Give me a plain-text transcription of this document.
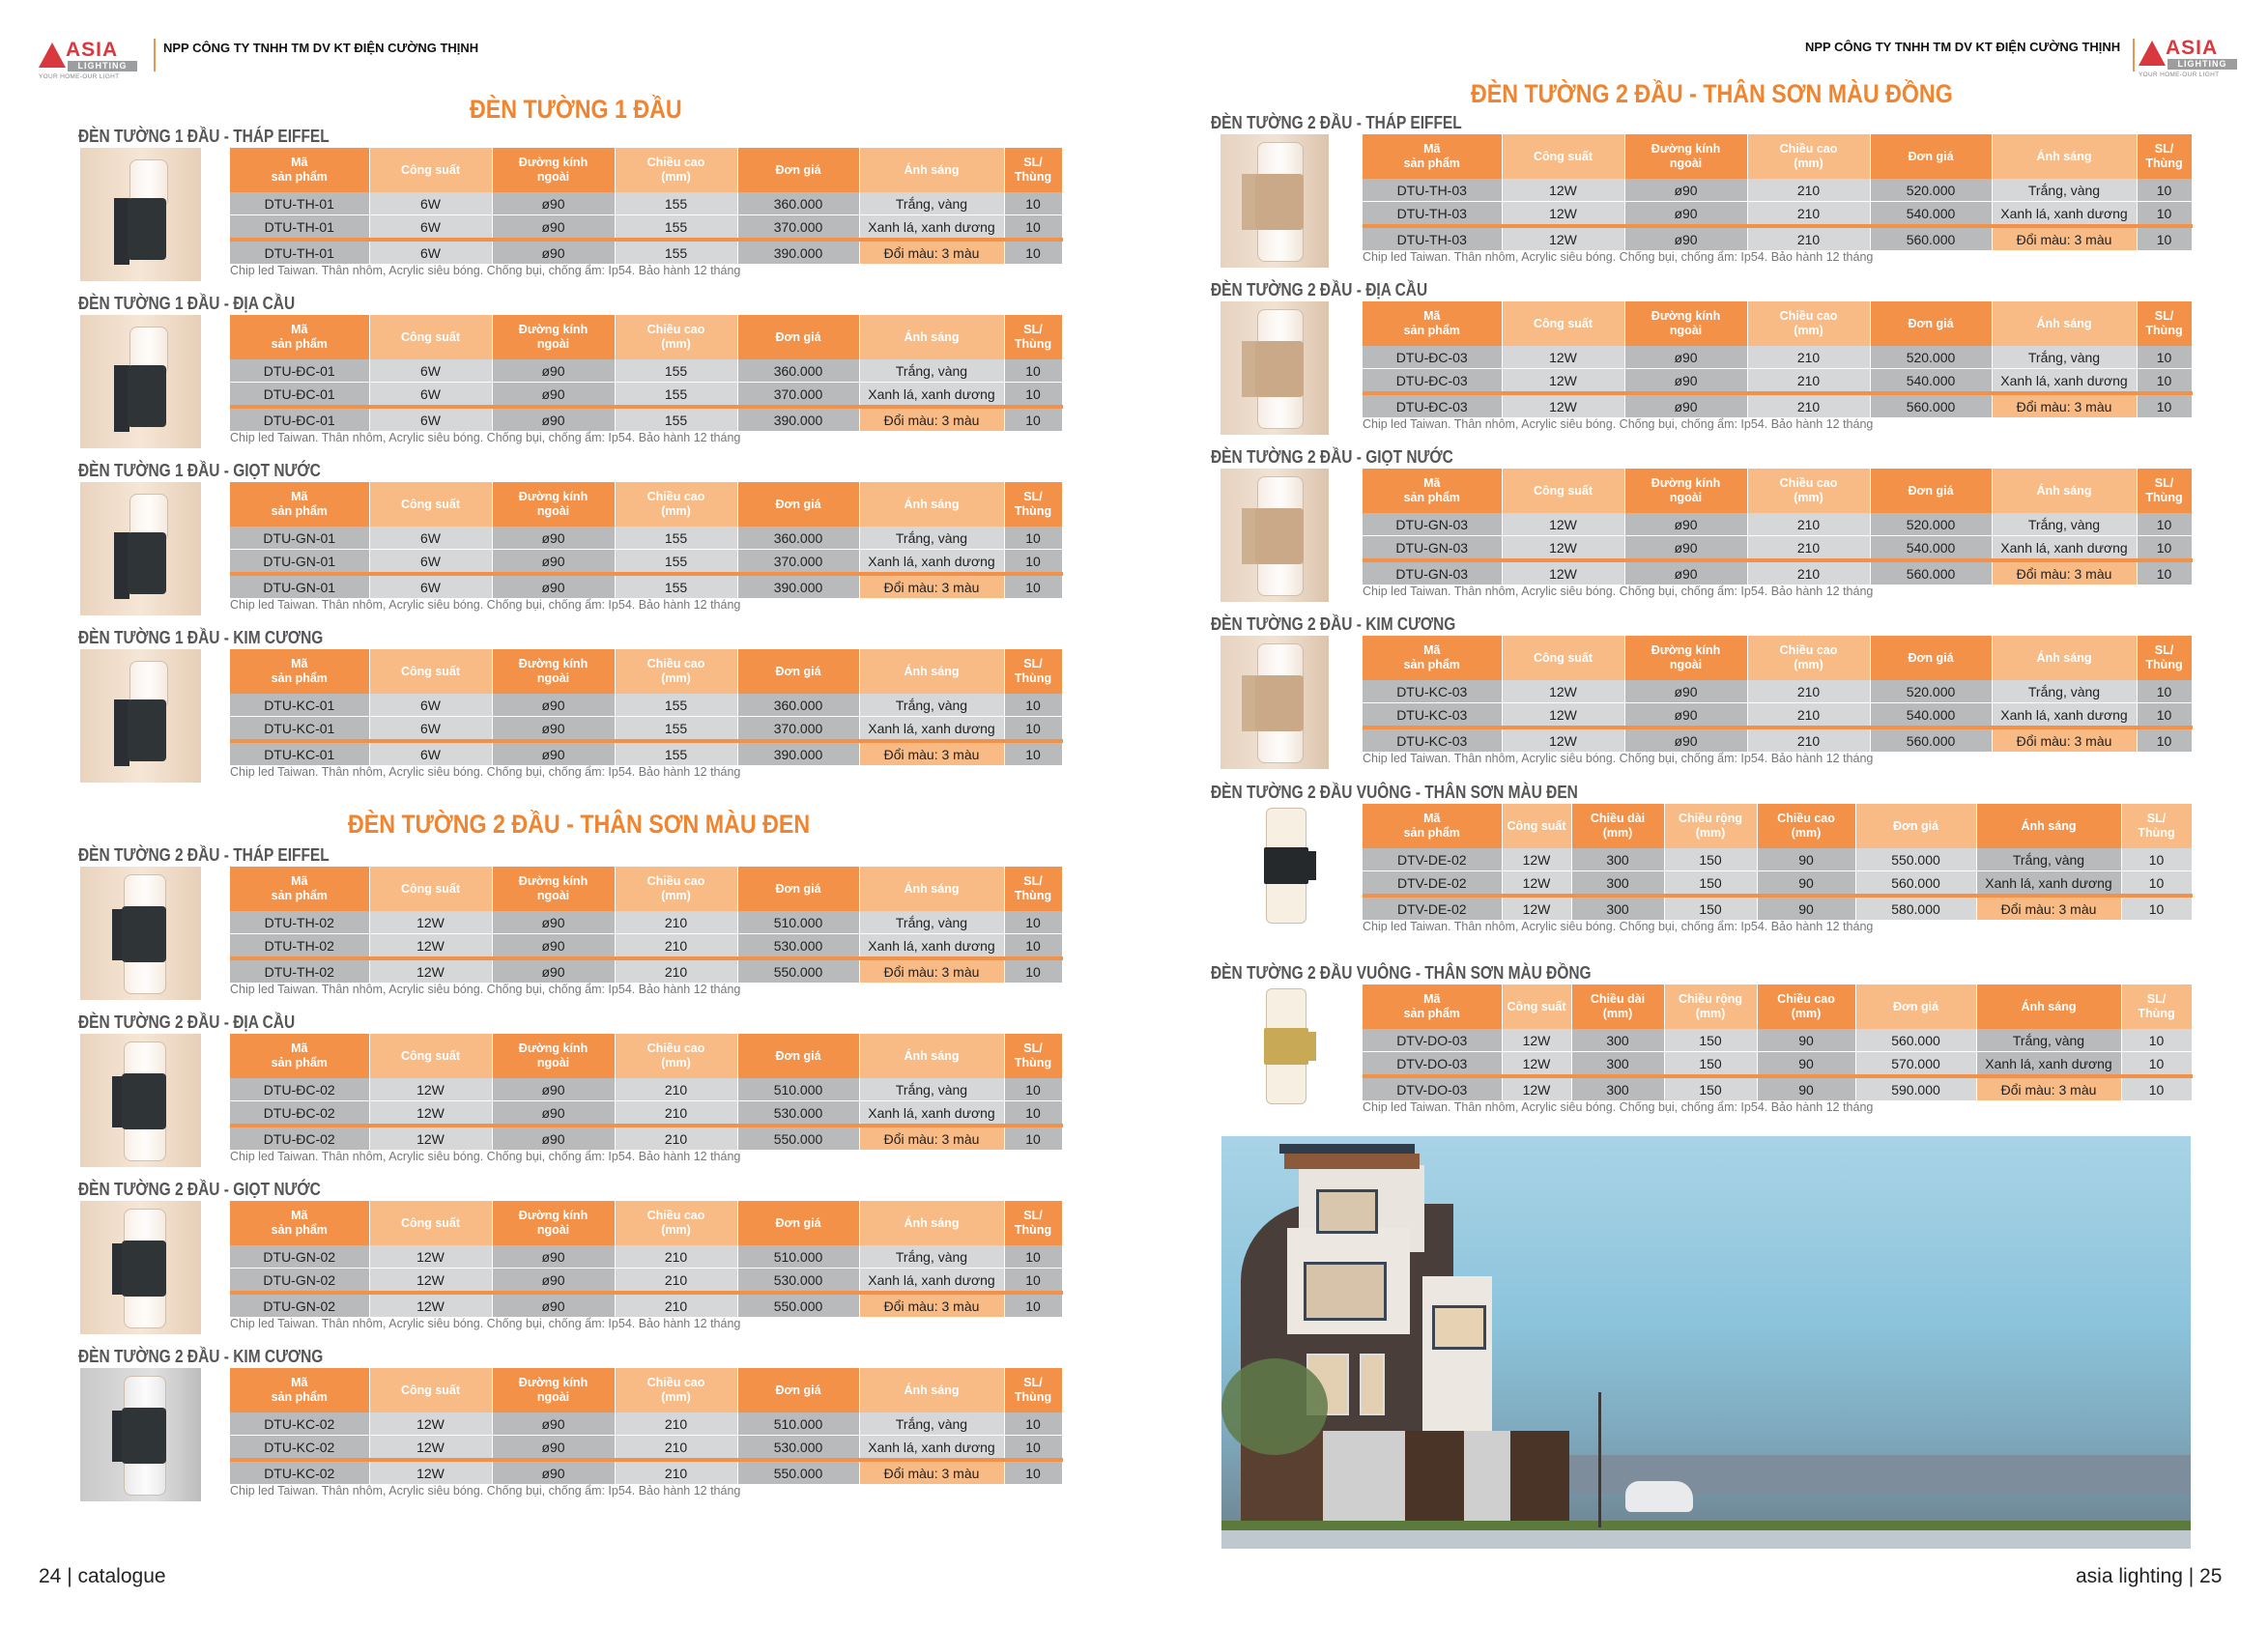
ASIA
LIGHTING
YOUR HOME-OUR LIGHT
NPP CÔNG TY TNHH TM DV KT ĐIỆN CƯỜNG THỊNH	NPP CÔNG TY TNHH TM DV KT ĐIỆN CƯỜNG THỊNH ASIA
LIGHTING
YOUR HOME-OUR LIGHT
ĐÈN TƯỜNG 1 ĐẦU
ĐÈN TƯỜNG 2 ĐẦU - THÂN SƠN MÀU ĐEN
ĐÈN TƯỜNG 1 ĐẦU - THÁP EIFFEL
Mã
sản phẩm	Công suất	Đường kính
ngoài	Chiều cao
(mm)	Đơn giá	Ánh sáng	SL/
Thùng
DTU-TH-01	6W	ø90	155	360.000	Trắng, vàng	10
DTU-TH-01	6W	ø90	155	370.000	Xanh lá, xanh dương	10
DTU-TH-01	6W	ø90	155	390.000	Đổi màu: 3 màu	10
Chip led Taiwan. Thân nhôm, Acrylic siêu bóng. Chống bụi, chống ẩm: Ip54. Bảo hành 12 tháng
ĐÈN TƯỜNG 1 ĐẦU - ĐỊA CẦU
Mã
sản phẩm	Công suất	Đường kính
ngoài	Chiều cao
(mm)	Đơn giá	Ánh sáng	SL/
Thùng
DTU-ĐC-01	6W	ø90	155	360.000	Trắng, vàng	10
DTU-ĐC-01	6W	ø90	155	370.000	Xanh lá, xanh dương	10
DTU-ĐC-01	6W	ø90	155	390.000	Đổi màu: 3 màu	10
Chip led Taiwan. Thân nhôm, Acrylic siêu bóng. Chống bụi, chống ẩm: Ip54. Bảo hành 12 tháng
ĐÈN TƯỜNG 1 ĐẦU - GIỌT NƯỚC
Mã
sản phẩm	Công suất	Đường kính
ngoài	Chiều cao
(mm)	Đơn giá	Ánh sáng	SL/
Thùng
DTU-GN-01	6W	ø90	155	360.000	Trắng, vàng	10
DTU-GN-01	6W	ø90	155	370.000	Xanh lá, xanh dương	10
DTU-GN-01	6W	ø90	155	390.000	Đổi màu: 3 màu	10
Chip led Taiwan. Thân nhôm, Acrylic siêu bóng. Chống bụi, chống ẩm: Ip54. Bảo hành 12 tháng
ĐÈN TƯỜNG 1 ĐẦU - KIM CƯƠNG
Mã
sản phẩm	Công suất	Đường kính
ngoài	Chiều cao
(mm)	Đơn giá	Ánh sáng	SL/
Thùng
DTU-KC-01	6W	ø90	155	360.000	Trắng, vàng	10
DTU-KC-01	6W	ø90	155	370.000	Xanh lá, xanh dương	10
DTU-KC-01	6W	ø90	155	390.000	Đổi màu: 3 màu	10
Chip led Taiwan. Thân nhôm, Acrylic siêu bóng. Chống bụi, chống ẩm: Ip54. Bảo hành 12 tháng
ĐÈN TƯỜNG 2 ĐẦU - THÁP EIFFEL
Mã
sản phẩm	Công suất	Đường kính
ngoài	Chiều cao
(mm)	Đơn giá	Ánh sáng	SL/
Thùng
DTU-TH-02	12W	ø90	210	510.000	Trắng, vàng	10
DTU-TH-02	12W	ø90	210	530.000	Xanh lá, xanh dương	10
DTU-TH-02	12W	ø90	210	550.000	Đổi màu: 3 màu	10
Chip led Taiwan. Thân nhôm, Acrylic siêu bóng. Chống bụi, chống ẩm: Ip54. Bảo hành 12 tháng
ĐÈN TƯỜNG 2 ĐẦU - ĐỊA CẦU
Mã
sản phẩm	Công suất	Đường kính
ngoài	Chiều cao
(mm)	Đơn giá	Ánh sáng	SL/
Thùng
DTU-ĐC-02	12W	ø90	210	510.000	Trắng, vàng	10
DTU-ĐC-02	12W	ø90	210	530.000	Xanh lá, xanh dương	10
DTU-ĐC-02	12W	ø90	210	550.000	Đổi màu: 3 màu	10
Chip led Taiwan. Thân nhôm, Acrylic siêu bóng. Chống bụi, chống ẩm: Ip54. Bảo hành 12 tháng
ĐÈN TƯỜNG 2 ĐẦU - GIỌT NƯỚC
Mã
sản phẩm	Công suất	Đường kính
ngoài	Chiều cao
(mm)	Đơn giá	Ánh sáng	SL/
Thùng
DTU-GN-02	12W	ø90	210	510.000	Trắng, vàng	10
DTU-GN-02	12W	ø90	210	530.000	Xanh lá, xanh dương	10
DTU-GN-02	12W	ø90	210	550.000	Đổi màu: 3 màu	10
Chip led Taiwan. Thân nhôm, Acrylic siêu bóng. Chống bụi, chống ẩm: Ip54. Bảo hành 12 tháng
ĐÈN TƯỜNG 2 ĐẦU - KIM CƯƠNG
Mã
sản phẩm	Công suất	Đường kính
ngoài	Chiều cao
(mm)	Đơn giá	Ánh sáng	SL/
Thùng
DTU-KC-02	12W	ø90	210	510.000	Trắng, vàng	10
DTU-KC-02	12W	ø90	210	530.000	Xanh lá, xanh dương	10
DTU-KC-02	12W	ø90	210	550.000	Đổi màu: 3 màu	10
Chip led Taiwan. Thân nhôm, Acrylic siêu bóng. Chống bụi, chống ẩm: Ip54. Bảo hành 12 tháng
ĐÈN TƯỜNG 2 ĐẦU - THÂN SƠN MÀU ĐỒNG
ĐÈN TƯỜNG 2 ĐẦU - THÁP EIFFEL
Mã
sản phẩm	Công suất	Đường kính
ngoài	Chiều cao
(mm)	Đơn giá	Ánh sáng	SL/
Thùng
DTU-TH-03	12W	ø90	210	520.000	Trắng, vàng	10
DTU-TH-03	12W	ø90	210	540.000	Xanh lá, xanh dương	10
DTU-TH-03	12W	ø90	210	560.000	Đổi màu: 3 màu	10
Chip led Taiwan. Thân nhôm, Acrylic siêu bóng. Chống bụi, chống ẩm: Ip54. Bảo hành 12 tháng
ĐÈN TƯỜNG 2 ĐẦU - ĐỊA CẦU
Mã
sản phẩm	Công suất	Đường kính
ngoài	Chiều cao
(mm)	Đơn giá	Ánh sáng	SL/
Thùng
DTU-ĐC-03	12W	ø90	210	520.000	Trắng, vàng	10
DTU-ĐC-03	12W	ø90	210	540.000	Xanh lá, xanh dương	10
DTU-ĐC-03	12W	ø90	210	560.000	Đổi màu: 3 màu	10
Chip led Taiwan. Thân nhôm, Acrylic siêu bóng. Chống bụi, chống ẩm: Ip54. Bảo hành 12 tháng
ĐÈN TƯỜNG 2 ĐẦU - GIỌT NƯỚC
Mã
sản phẩm	Công suất	Đường kính
ngoài	Chiều cao
(mm)	Đơn giá	Ánh sáng	SL/
Thùng
DTU-GN-03	12W	ø90	210	520.000	Trắng, vàng	10
DTU-GN-03	12W	ø90	210	540.000	Xanh lá, xanh dương	10
DTU-GN-03	12W	ø90	210	560.000	Đổi màu: 3 màu	10
Chip led Taiwan. Thân nhôm, Acrylic siêu bóng. Chống bụi, chống ẩm: Ip54. Bảo hành 12 tháng
ĐÈN TƯỜNG 2 ĐẦU - KIM CƯƠNG
Mã
sản phẩm	Công suất	Đường kính
ngoài	Chiều cao
(mm)	Đơn giá	Ánh sáng	SL/
Thùng
DTU-KC-03	12W	ø90	210	520.000	Trắng, vàng	10
DTU-KC-03	12W	ø90	210	540.000	Xanh lá, xanh dương	10
DTU-KC-03	12W	ø90	210	560.000	Đổi màu: 3 màu	10
Chip led Taiwan. Thân nhôm, Acrylic siêu bóng. Chống bụi, chống ẩm: Ip54. Bảo hành 12 tháng
ĐÈN TƯỜNG 2 ĐẦU VUÔNG - THÂN SƠN MÀU ĐEN
Mã
sản phẩm	Công suất	Chiều dài
(mm)	Chiều rộng
(mm)	Chiều cao
(mm)	Đơn giá	Ánh sáng	SL/
Thùng
DTV-DE-02	12W	300	150	90	550.000	Trắng, vàng	10
DTV-DE-02	12W	300	150	90	560.000	Xanh lá, xanh dương	10
DTV-DE-02	12W	300	150	90	580.000	Đổi màu: 3 màu	10
Chip led Taiwan. Thân nhôm, Acrylic siêu bóng. Chống bụi, chống ẩm: Ip54. Bảo hành 12 tháng
ĐÈN TƯỜNG 2 ĐẦU VUÔNG - THÂN SƠN MÀU ĐỒNG
Mã
sản phẩm	Công suất	Chiều dài
(mm)	Chiều rộng
(mm)	Chiều cao
(mm)	Đơn giá	Ánh sáng	SL/
Thùng
DTV-DO-03	12W	300	150	90	560.000	Trắng, vàng	10
DTV-DO-03	12W	300	150	90	570.000	Xanh lá, xanh dương	10
DTV-DO-03	12W	300	150	90	590.000	Đổi màu: 3 màu	10
Chip led Taiwan. Thân nhôm, Acrylic siêu bóng. Chống bụi, chống ẩm: Ip54. Bảo hành 12 tháng
24 | catalogue	asia lighting | 25
